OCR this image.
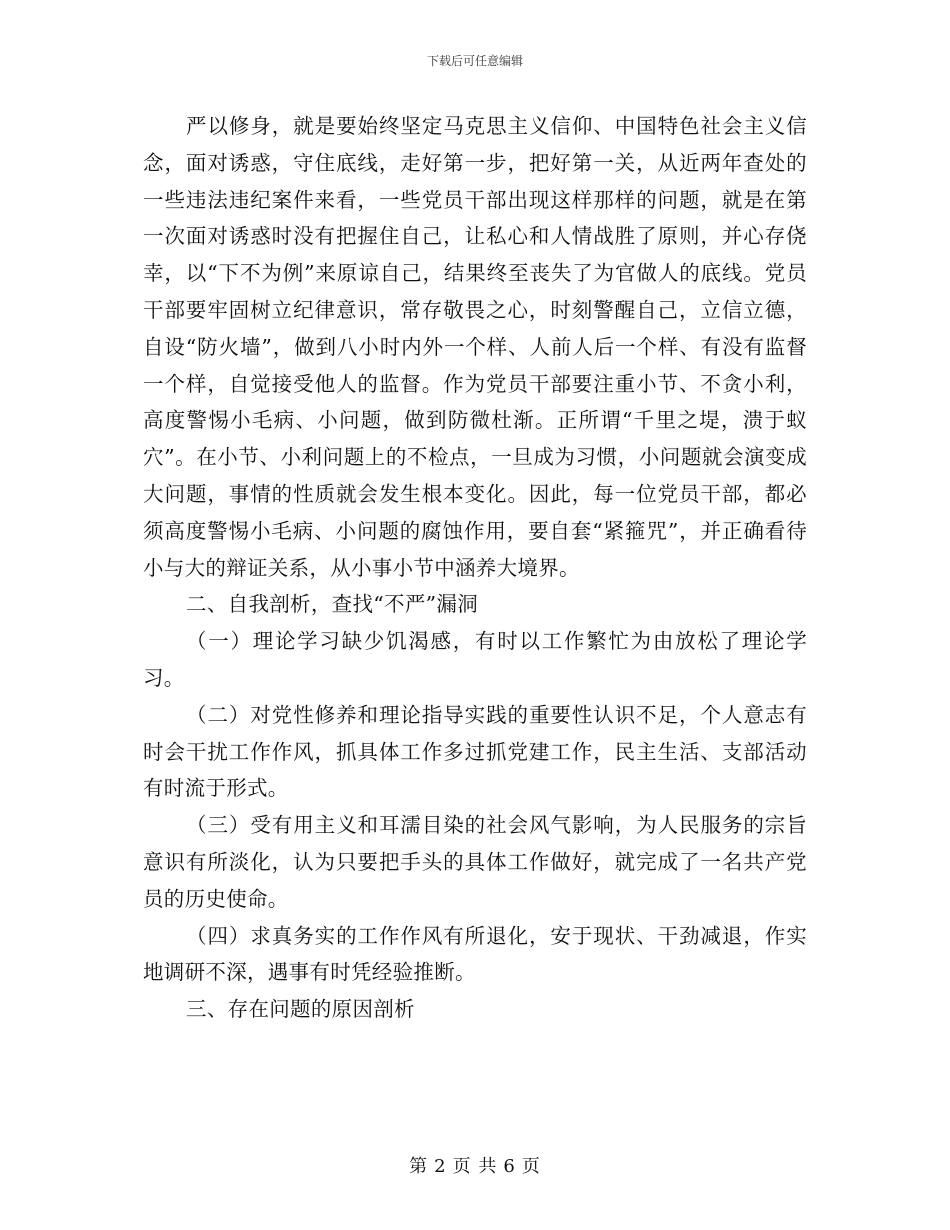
下载后可任意编辑

严以修身，就是要始终坚定马克思主义信仰、中国特色社会主义信念，面对诱惑，守住底线，走好第一步，把好第一关，从近两年查处的一些违法违纪案件来看，一些党员干部出现这样那样的问题，就是在第一次面对诱惑时没有把握住自己，让私心和人情战胜了原则，并心存侥幸，以“下不为例”来原谅自己，结果终至丧失了为官做人的底线。党员干部要牢固树立纪律意识，常存敬畏之心，时刻警醒自己，立信立德，自设“防火墙”，做到八小时内外一个样、人前人后一个样、有没有监督一个样，自觉接受他人的监督。作为党员干部要注重小节、不贪小利，高度警惕小毛病、小问题，做到防微杜渐。正所谓“千里之堤，溃于蚁穴”。在小节、小利问题上的不检点，一旦成为习惯，小问题就会演变成大问题，事情的性质就会发生根本变化。因此，每一位党员干部，都必须高度警惕小毛病、小问题的腐蚀作用，要自套“紧箍咒”，并正确看待小与大的辩证关系，从小事小节中涵养大境界。

二、自我剖析，查找“不严”漏洞

（一）理论学习缺少饥渴感，有时以工作繁忙为由放松了理论学习。

（二）对党性修养和理论指导实践的重要性认识不足，个人意志有时会干扰工作作风，抓具体工作多过抓党建工作，民主生活、支部活动有时流于形式。

（三）受有用主义和耳濡目染的社会风气影响，为人民服务的宗旨意识有所淡化，认为只要把手头的具体工作做好，就完成了一名共产党员的历史使命。

（四）求真务实的工作作风有所退化，安于现状、干劲减退，作实地调研不深，遇事有时凭经验推断。

三、存在问题的原因剖析

第 2 页 共 6 页
